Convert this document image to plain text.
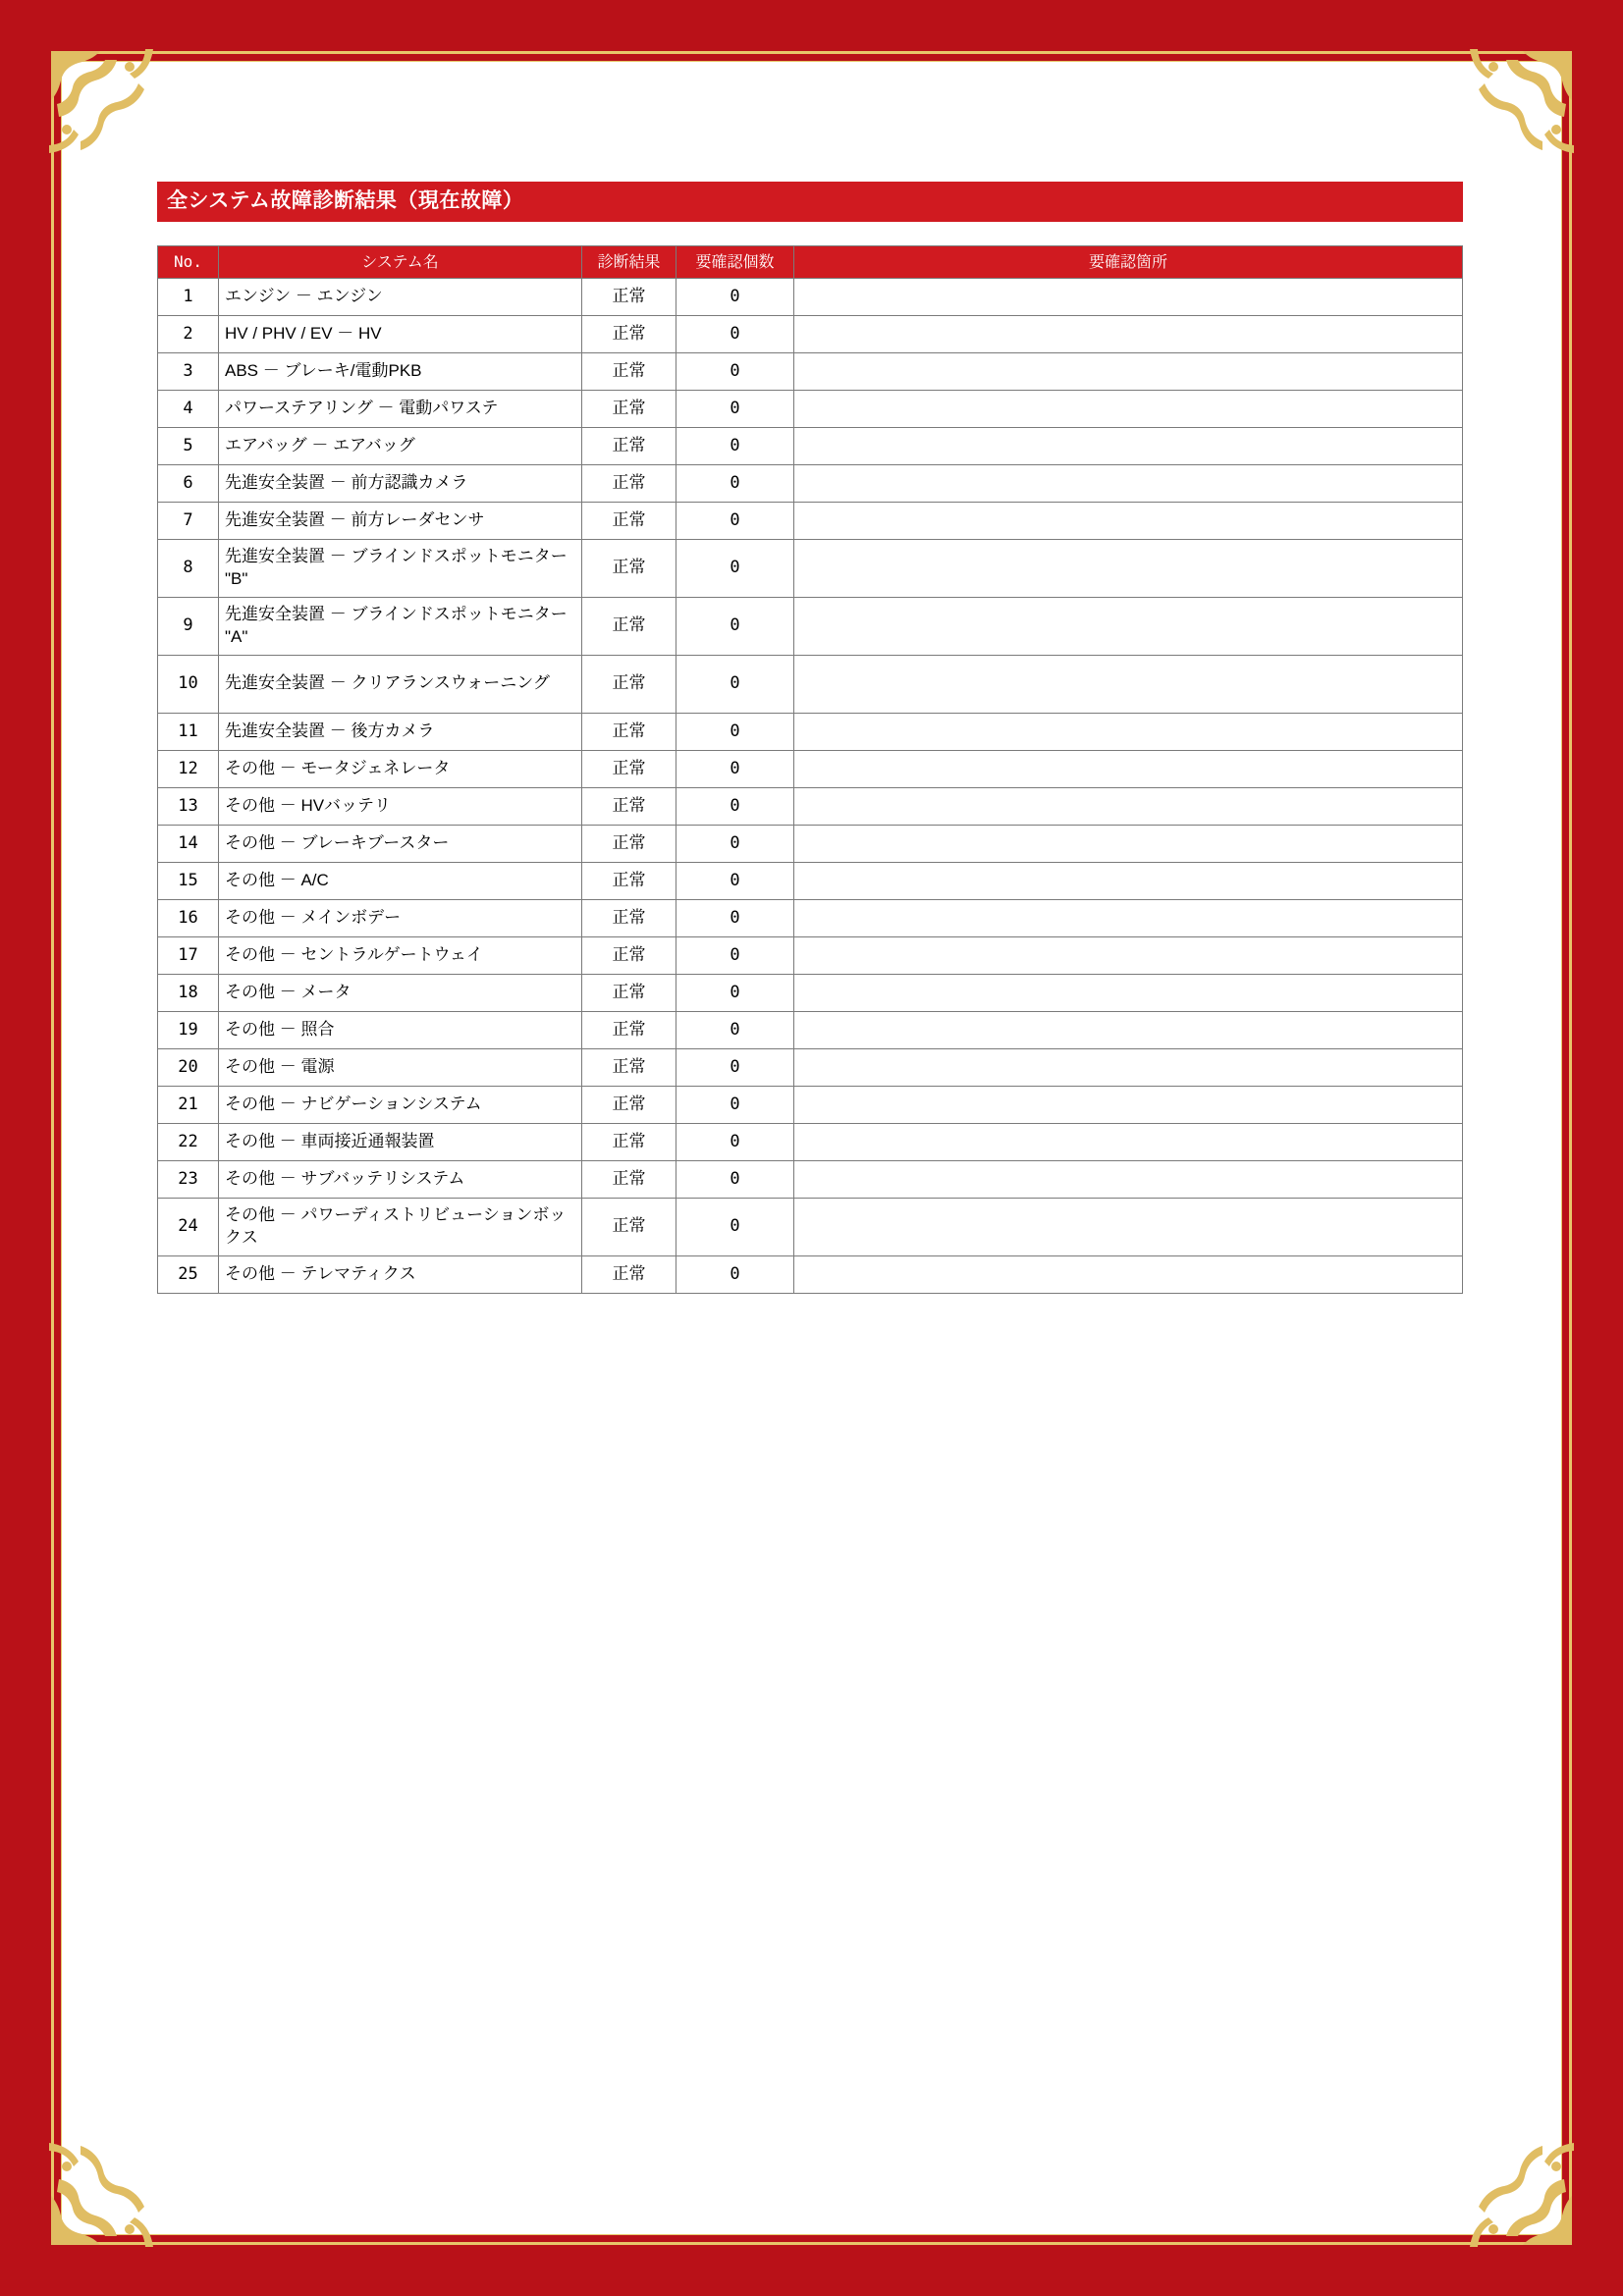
全システム故障診断結果（現在故障）
No.	システム名	診断結果	要確認個数	要確認箇所
1	エンジン － エンジン	正常	0	
2	HV / PHV / EV － HV	正常	0	
3	ABS － ブレーキ/電動PKB	正常	0	
4	パワーステアリング － 電動パワステ	正常	0	
5	エアバッグ － エアバッグ	正常	0	
6	先進安全装置 － 前方認識カメラ	正常	0	
7	先進安全装置 － 前方レーダセンサ	正常	0	
8	先進安全装置 － ブラインドスポットモニター "B"	正常	0	
9	先進安全装置 － ブラインドスポットモニター "A"	正常	0	
10	先進安全装置 － クリアランスウォーニング	正常	0	
11	先進安全装置 － 後方カメラ	正常	0	
12	その他 － モータジェネレータ	正常	0	
13	その他 － HVバッテリ	正常	0	
14	その他 － ブレーキブースター	正常	0	
15	その他 － A/C	正常	0	
16	その他 － メインボデー	正常	0	
17	その他 － セントラルゲートウェイ	正常	0	
18	その他 － メータ	正常	0	
19	その他 － 照合	正常	0	
20	その他 － 電源	正常	0	
21	その他 － ナビゲーションシステム	正常	0	
22	その他 － 車両接近通報装置	正常	0	
23	その他 － サブバッテリシステム	正常	0	
24	その他 － パワーディストリビューションボックス	正常	0	
25	その他 － テレマティクス	正常	0	
